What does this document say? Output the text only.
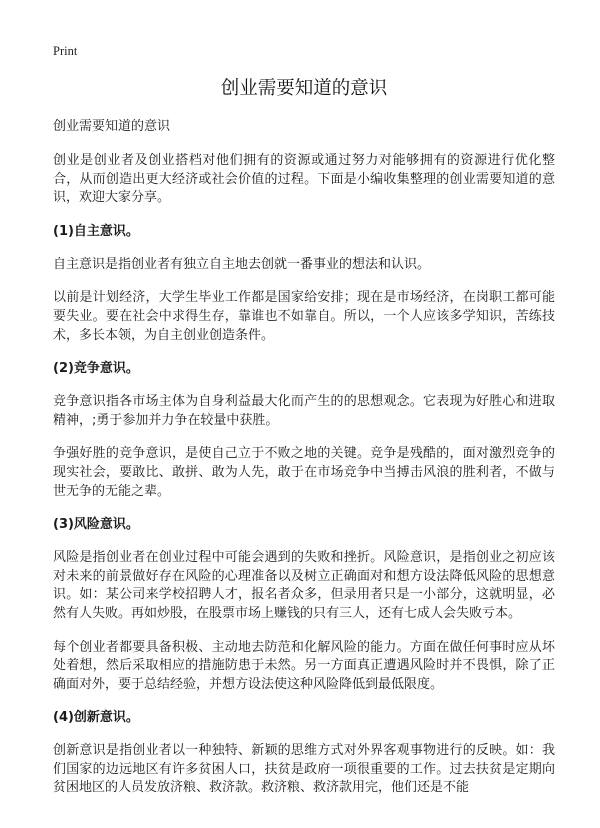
Print
创业需要知道的意识

创业需要知道的意识

创业是创业者及创业搭档对他们拥有的资源或通过努力对能够拥有的资源进行优化整合，从而创造出更大经济或社会价值的过程。下面是小编收集整理的创业需要知道的意识，欢迎大家分享。

(1)自主意识。

自主意识是指创业者有独立自主地去创就一番事业的想法和认识。

以前是计划经济，大学生毕业工作都是国家给安排；现在是市场经济，在岗职工都可能要失业。要在社会中求得生存，靠谁也不如靠自。所以，一个人应该多学知识，苦练技术，多长本领，为自主创业创造条件。

(2)竞争意识。

竞争意识指各市场主体为自身利益最大化而产生的的思想观念。它表现为好胜心和进取精神，;勇于参加并力争在较量中获胜。

争强好胜的竞争意识，是使自己立于不败之地的关键。竞争是残酷的，面对激烈竞争的现实社会，要敢比、敢拼、敢为人先，敢于在市场竞争中当搏击风浪的胜利者，不做与世无争的无能之辈。

(3)风险意识。

风险是指创业者在创业过程中可能会遇到的失败和挫折。风险意识，是指创业之初应该对未来的前景做好存在风险的心理准备以及树立正确面对和想方设法降低风险的思想意识。如：某公司来学校招聘人才，报名者众多，但录用者只是一小部分，这就明显，必然有人失败。再如炒股，在股票市场上赚钱的只有三人，还有七成人会失败亏本。

每个创业者都要具备积极、主动地去防范和化解风险的能力。方面在做任何事时应从坏处着想，然后采取相应的措施防患于未然。另一方面真正遭遇风险时并不畏惧，除了正确面对外，要于总结经验，并想方设法使这种风险降低到最低限度。

(4)创新意识。

创新意识是指创业者以一种独特、新颖的思维方式对外界客观事物进行的反映。如：我们国家的边远地区有许多贫困人口，扶贫是政府一项很重要的工作。过去扶贫是定期向贫困地区的人员发放济粮、救济款。救济粮、救济款用完，他们还是不能
